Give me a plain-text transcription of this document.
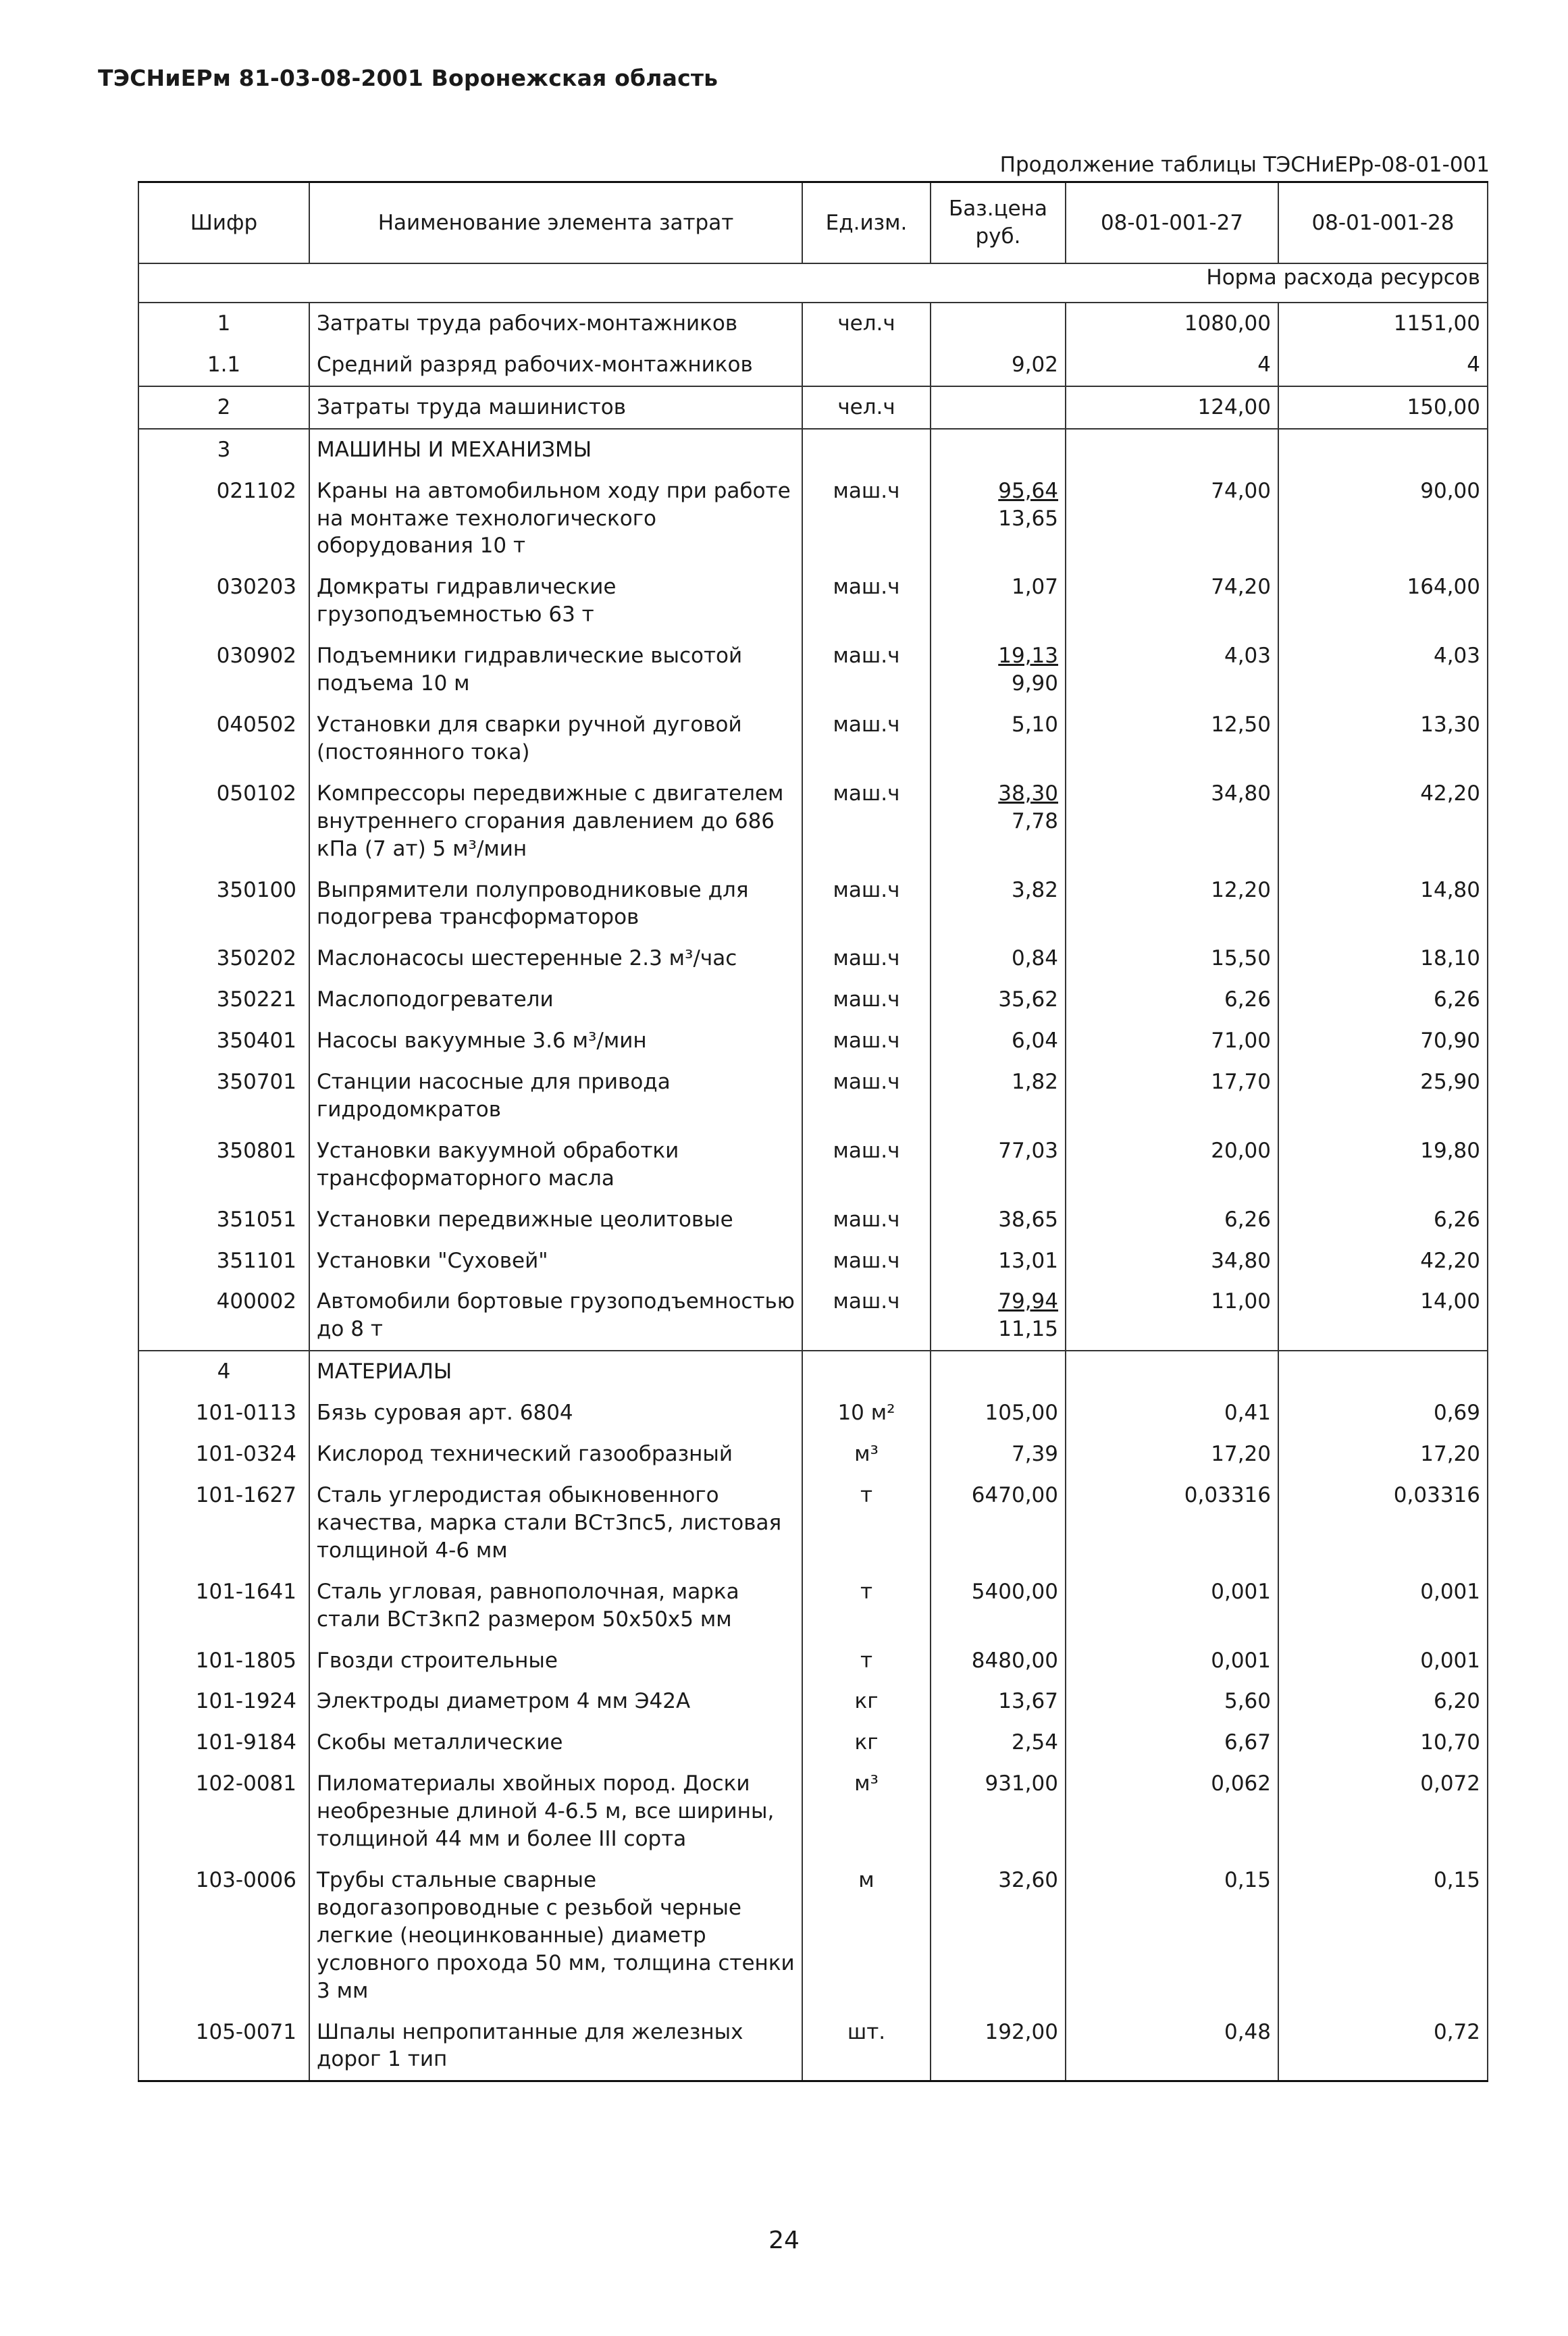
ТЭСНиЕРм 81-03-08-2001 Воронежская область
Продолжение таблицы ТЭСНиЕРр-08-01-001
Шифр	Наименование элемента затрат	Ед.изм.	Баз.цена руб.	08-01-001-27	08-01-001-28
Норма расхода ресурсов					
1	Затраты труда рабочих-монтажников	чел.ч		1080,00	1151,00
1.1	Средний разряд рабочих-монтажников		9,02	4	4
2	Затраты труда машинистов	чел.ч		124,00	150,00
3	МАШИНЫ И МЕХАНИЗМЫ				
021102	Краны на автомобильном ходу при работе на монтаже технологического оборудования 10 т	маш.ч	$\frac{95,64}{13,65}$	74,00	90,00
030203	Домкраты гидравлические грузоподъемностью 63 т	маш.ч	1,07	74,20	164,00
030902	Подъемники гидравлические высотой подъема 10 м	маш.ч	$\frac{19,13}{9,90}$	4,03	4,03
040502	Установки для сварки ручной дуговой (постоянного тока)	маш.ч	5,10	12,50	13,30
050102	Компрессоры передвижные с двигателем внутреннего сгорания давлением до 686 кПа (7 ат) 5 м³/мин	маш.ч	$\frac{38,30}{7,78}$	34,80	42,20
350100	Выпрямители полупроводниковые для подогрева трансформаторов	маш.ч	3,82	12,20	14,80
350202	Маслонасосы шестеренные 2.3 м³/час	маш.ч	0,84	15,50	18,10
350221	Маслоподогреватели	маш.ч	35,62	6,26	6,26
350401	Насосы вакуумные 3.6 м³/мин	маш.ч	6,04	71,00	70,90
350701	Станции насосные для привода гидродомкратов	маш.ч	1,82	17,70	25,90
350801	Установки вакуумной обработки трансформаторного масла	маш.ч	77,03	20,00	19,80
351051	Установки передвижные цеолитовые	маш.ч	38,65	6,26	6,26
351101	Установки "Суховей"	маш.ч	13,01	34,80	42,20
400002	Автомобили бортовые грузоподъемностью до 8 т	маш.ч	$\frac{79,94}{11,15}$	11,00	14,00
4	МАТЕРИАЛЫ				
101-0113	Бязь суровая арт. 6804	10 м²	105,00	0,41	0,69
101-0324	Кислород технический газообразный	м³	7,39	17,20	17,20
101-1627	Сталь углеродистая обыкновенного качества, марка стали ВСт3пс5, листовая толщиной 4-6 мм	т	6470,00	0,03316	0,03316
101-1641	Сталь угловая, равнополочная, марка стали ВСт3кп2 размером 50х50х5 мм	т	5400,00	0,001	0,001
101-1805	Гвозди строительные	т	8480,00	0,001	0,001
101-1924	Электроды диаметром 4 мм Э42А	кг	13,67	5,60	6,20
101-9184	Скобы металлические	кг	2,54	6,67	10,70
102-0081	Пиломатериалы хвойных пород. Доски необрезные длиной 4-6.5 м, все ширины, толщиной 44 мм и более III сорта	м³	931,00	0,062	0,072
103-0006	Трубы стальные сварные водогазопроводные с резьбой черные легкие (неоцинкованные) диаметр условного прохода 50 мм, толщина стенки 3 мм	м	32,60	0,15	0,15
105-0071	Шпалы непропитанные для железных дорог 1 тип	шт.	192,00	0,48	0,72
24
